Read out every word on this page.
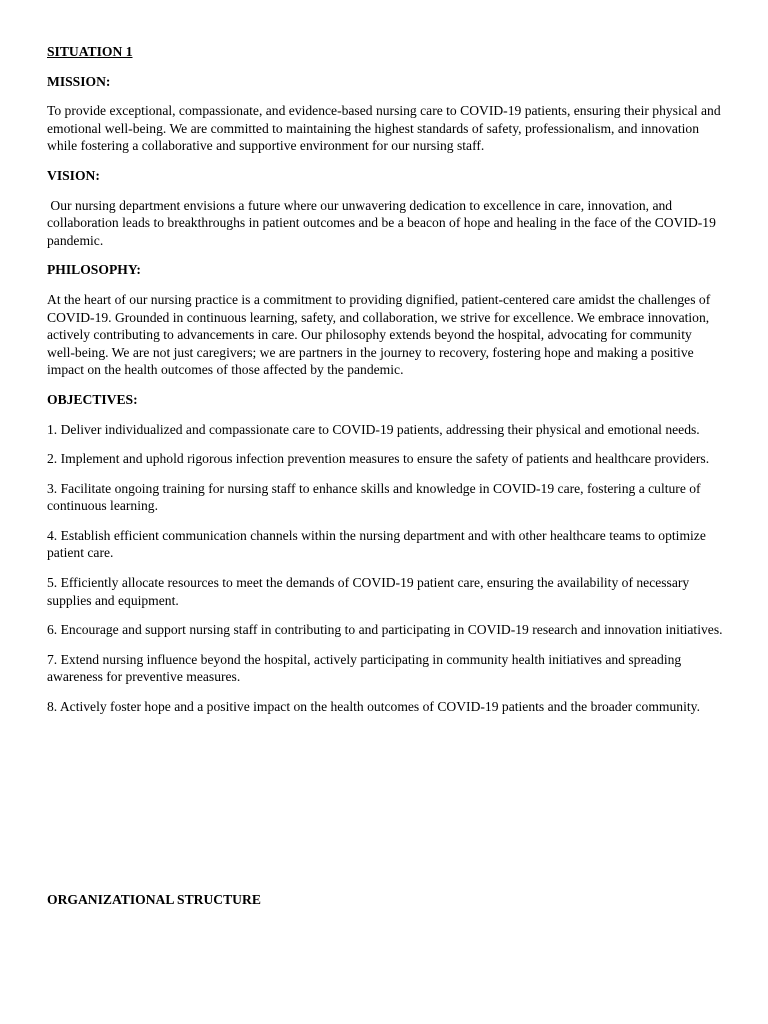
SITUATION 1

MISSION:

To provide exceptional, compassionate, and evidence-based nursing care to COVID-19 patients, ensuring their physical and emotional well-being. We are committed to maintaining the highest standards of safety, professionalism, and innovation while fostering a collaborative and supportive environment for our nursing staff.

VISION:

Our nursing department envisions a future where our unwavering dedication to excellence in care, innovation, and collaboration leads to breakthroughs in patient outcomes and be a beacon of hope and healing in the face of the COVID-19 pandemic.

PHILOSOPHY:

At the heart of our nursing practice is a commitment to providing dignified, patient-centered care amidst the challenges of COVID-19. Grounded in continuous learning, safety, and collaboration, we strive for excellence. We embrace innovation, actively contributing to advancements in care. Our philosophy extends beyond the hospital, advocating for community well-being. We are not just caregivers; we are partners in the journey to recovery, fostering hope and making a positive impact on the health outcomes of those affected by the pandemic.

OBJECTIVES:

1. Deliver individualized and compassionate care to COVID-19 patients, addressing their physical and emotional needs.
2. Implement and uphold rigorous infection prevention measures to ensure the safety of patients and healthcare providers.
3. Facilitate ongoing training for nursing staff to enhance skills and knowledge in COVID-19 care, fostering a culture of continuous learning.
4. Establish efficient communication channels within the nursing department and with other healthcare teams to optimize patient care.
5. Efficiently allocate resources to meet the demands of COVID-19 patient care, ensuring the availability of necessary supplies and equipment.
6. Encourage and support nursing staff in contributing to and participating in COVID-19 research and innovation initiatives.
7. Extend nursing influence beyond the hospital, actively participating in community health initiatives and spreading awareness for preventive measures.
8. Actively foster hope and a positive impact on the health outcomes of COVID-19 patients and the broader community.

ORGANIZATIONAL STRUCTURE
